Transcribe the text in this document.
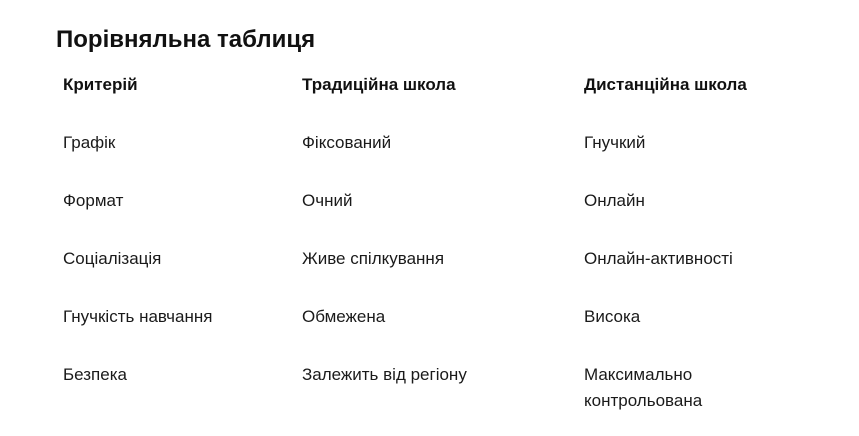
Порівняльна таблиця
Критерій	Традиційна школа	Дистанційна школа
Графік	Фіксований	Гнучкий
Формат	Очний	Онлайн
Соціалізація	Живе спілкування	Онлайн-активності
Гнучкість навчання	Обмежена	Висока
Безпека	Залежить від регіону	Максимально контрольована
